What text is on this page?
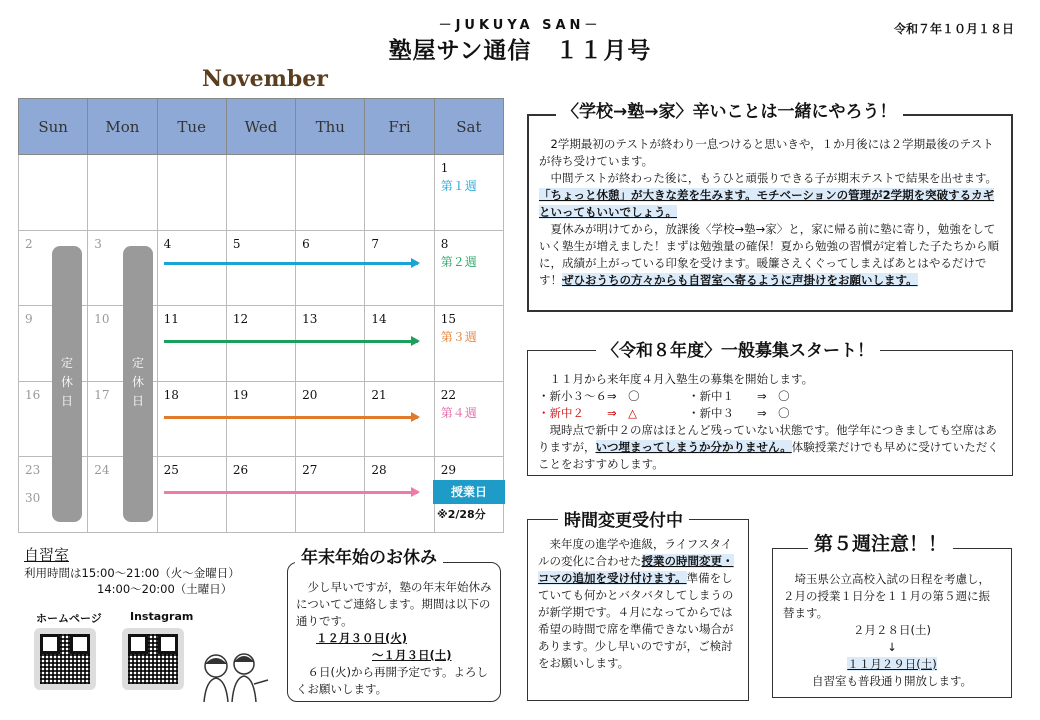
－JUKUYA SAN－
塾屋サン通信　１１月号
令和７年１０月１８日
November
Sun	Mon	Tue	Wed	Thu	Fri	Sat

						1
第１週

2	3	4	5	6	7	8
第２週

9	10	11	12	13	14	15
第３週

16	17	18	19	20	21	22
第４週

23
30	24	25	26	27	28	29
定休日
定休日
授業日
※2/28分
自習室
利用時間は15:00～21:00（火～金曜日）
14:00～20:00（土曜日）
ホームページ	Instagram

2学期最初のテストが終わり一息つけると思いきや，１か月後には２学期最後のテストが待ち受けています。

中間テストが終わった後に，もうひと頑張りできる子が期末テストで結果を出せます。「ちょっと休憩」が大きな差を生みます。モチベーションの管理が2学期を突破するカギといってもいいでしょう。

夏休みが明けてから，放課後〈学校→塾→家〉と，家に帰る前に塾に寄り，勉強をしていく塾生が増えました！まずは勉強量の確保！夏から勉強の習慣が定着した子たちから順に，成績が上がっている印象を受けます。暖簾さえくぐってしまえばあとはやるだけです！ぜひおうちの方々からも自習室へ寄るように声掛けをお願いします。

〈学校→塾→家〉辛いことは一緒にやろう！

１１月から来年度４月入塾生の募集を開始します。

・新小３～６⇒　〇	・新中１　　⇒　〇

・新中２　　⇒　△	・新中３　　⇒　〇

現時点で新中２の席はほとんど残っていない状態です。他学年につきましても空席はありますが，いつ埋まってしまうか分かりません。体験授業だけでも早めに受けていただくことをおすすめします。

〈令和８年度〉一般募集スタート！

少し早いですが，塾の年末年始休みについてご連絡します。期間は以下の通りです。

１２月３０日(火)

～１月３日(土)

６日(火)から再開予定です。よろしくお願いします。

年末年始のお休み

来年度の進学や進級，ライフスタイルの変化に合わせた授業の時間変更・コマの追加を受け付けます。準備をしていても何かとバタバタしてしまうのが新学期です。４月になってからでは希望の時間で席を準備できない場合があります。少し早いのですが，ご検討をお願いします。

時間変更受付中

埼玉県公立高校入試の日程を考慮し，２月の授業１日分を１１月の第５週に振替ます。

２月２８日(土)

↓

１１月２９日(土)

自習室も普段通り開放します。

第５週注意！！
